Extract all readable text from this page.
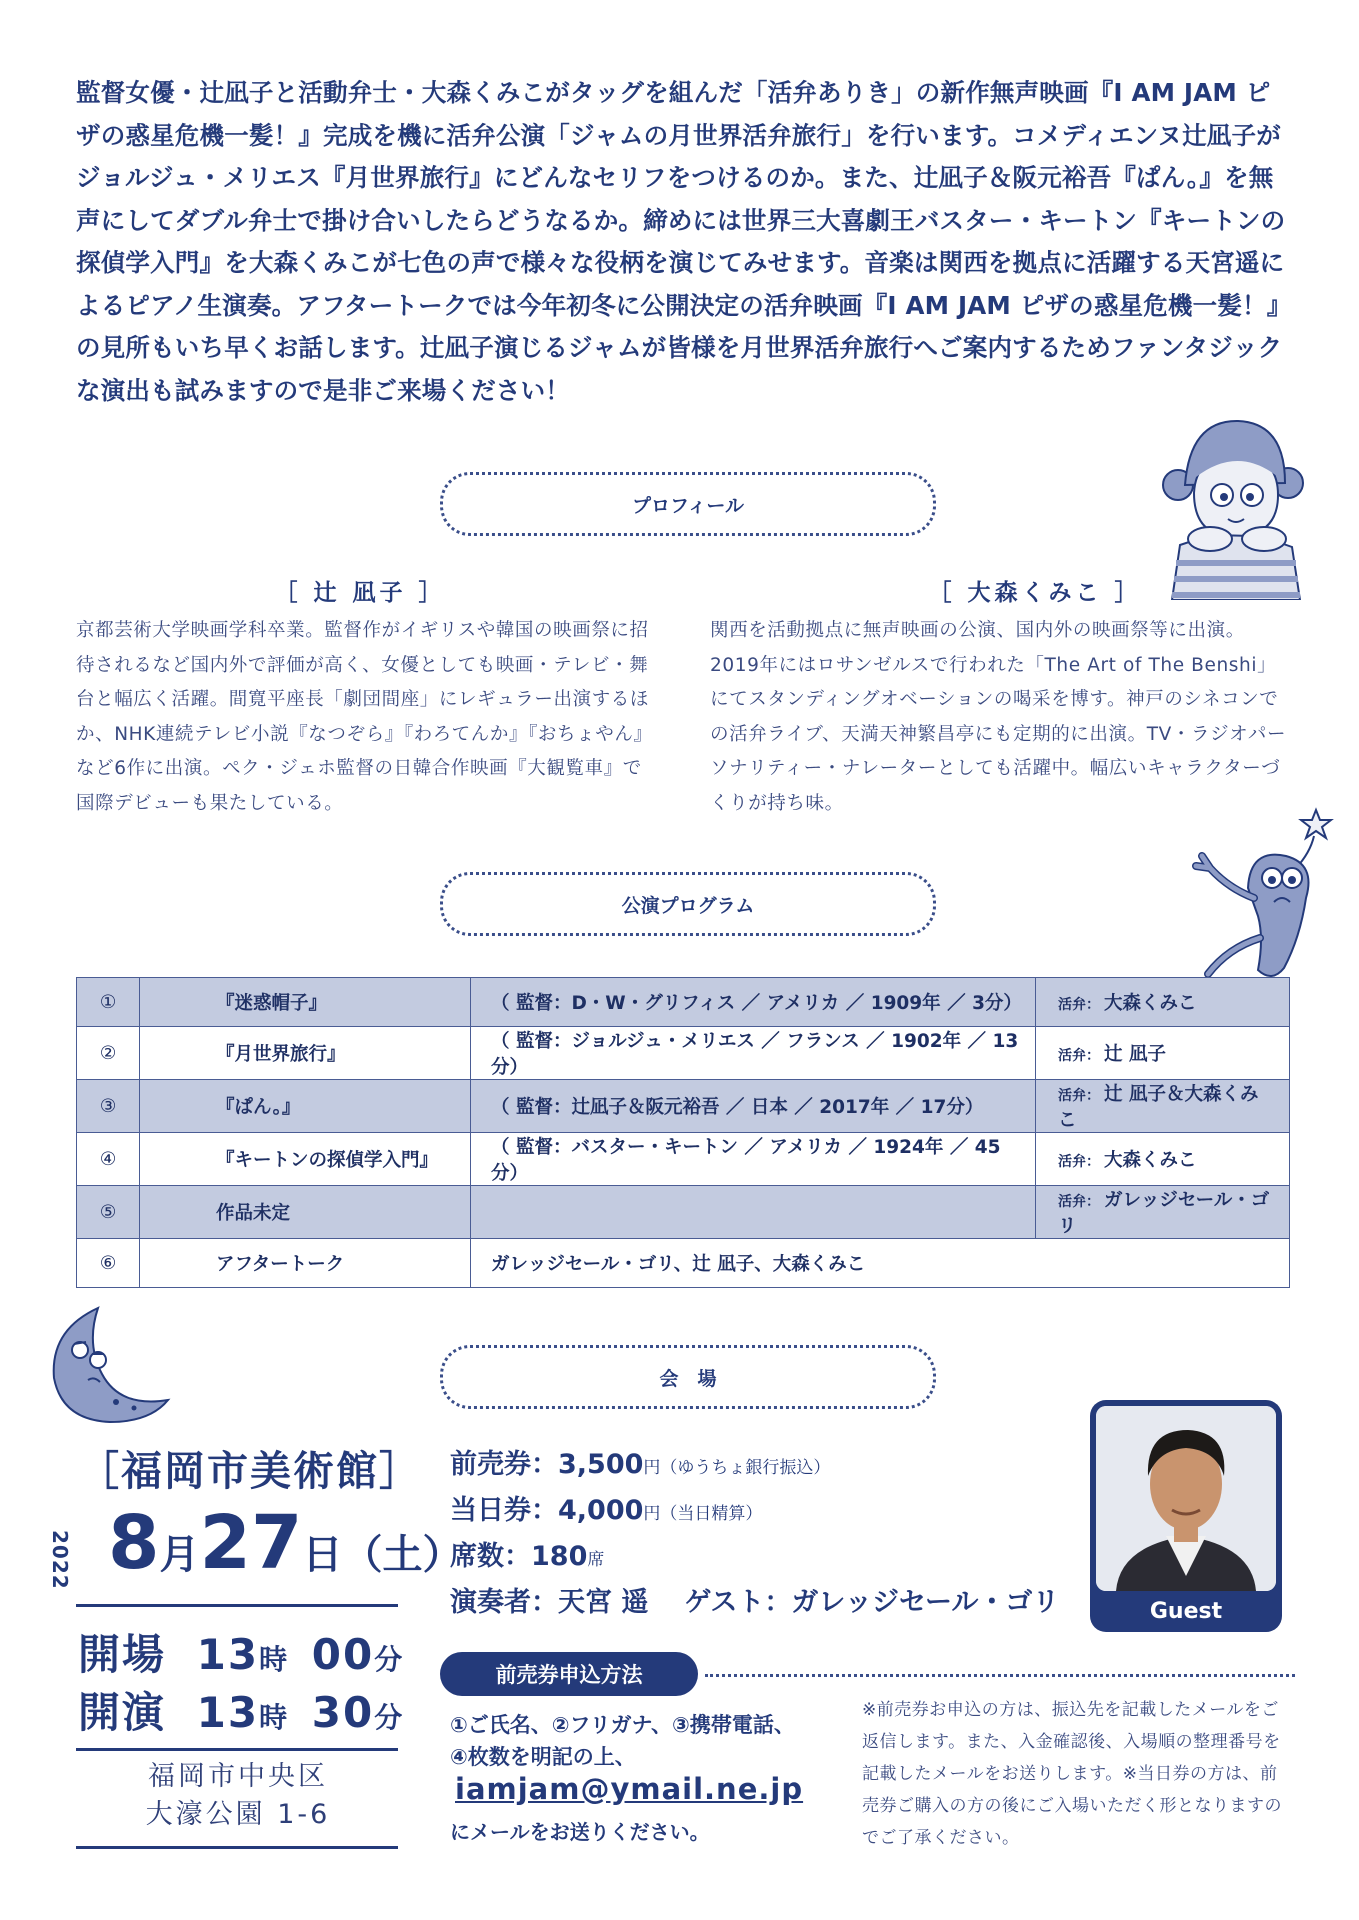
監督女優・辻凪子と活動弁士・大森くみこがタッグを組んだ「活弁ありき」の新作無声映画『I AM JAM ピザの惑星危機一髪！』完成を機に活弁公演「ジャムの月世界活弁旅行」を行います。コメディエンヌ辻凪子がジョルジュ・メリエス『月世界旅行』にどんなセリフをつけるのか。また、辻凪子＆阪元裕吾『ぱん。』を無声にしてダブル弁士で掛け合いしたらどうなるか。締めには世界三大喜劇王バスター・キートン『キートンの探偵学入門』を大森くみこが七色の声で様々な役柄を演じてみせます。音楽は関西を拠点に活躍する天宮遥によるピアノ生演奏。アフタートークでは今年初冬に公開決定の活弁映画『I AM JAM ピザの惑星危機一髪！』の見所もいち早くお話します。辻凪子演じるジャムが皆様を月世界活弁旅行へご案内するためファンタジックな演出も試みますので是非ご来場ください！
プロフィール
［ 辻 凪子 ］
京都芸術大学映画学科卒業。監督作がイギリスや韓国の映画祭に招待されるなど国内外で評価が高く、女優としても映画・テレビ・舞台と幅広く活躍。間寛平座長「劇団間座」にレギュラー出演するほか、NHK連続テレビ小説『なつぞら』『わろてんか』『おちょやん』など6作に出演。ペク・ジェホ監督の日韓合作映画『大観覧車』で国際デビューも果たしている。
［ 大森くみこ ］
関西を活動拠点に無声映画の公演、国内外の映画祭等に出演。2019年にはロサンゼルスで行われた「The Art of The Benshi」にてスタンディングオベーションの喝采を博す。神戸のシネコンでの活弁ライブ、天満天神繁昌亭にも定期的に出演。TV・ラジオパーソナリティー・ナレーターとしても活躍中。幅広いキャラクターづくりが持ち味。
公演プログラム
①	『迷惑帽子』	（ 監督：D・W・グリフィス ／ アメリカ ／ 1909年 ／ 3分）	活弁： 大森くみこ
②	『月世界旅行』	（ 監督：ジョルジュ・メリエス ／ フランス ／ 1902年 ／ 13分）	活弁： 辻 凪子
③	『ぱん。』	（ 監督：辻凪子＆阪元裕吾 ／ 日本 ／ 2017年 ／ 17分）	活弁： 辻 凪子＆大森くみこ
④	『キートンの探偵学入門』	（ 監督：バスター・キートン ／ アメリカ ／ 1924年 ／ 45分）	活弁： 大森くみこ
⑤	作品未定		活弁： ガレッジセール・ゴリ
⑥	アフタートーク	ガレッジセール・ゴリ、辻 凪子、大森くみこ	
会　場
［福岡市美術館］
2022 8月27日（土）
開場 13時 00分
開演 13時 30分
福岡市中央区
大濠公園 1-6
前売券：3,500円（ゆうちょ銀行振込）
当日券：4,000円（当日精算）
席数：180席
演奏者：天宮 遥 ゲスト：ガレッジセール・ゴリ	Guest
前売券申込方法
①ご氏名、②フリガナ、③携帯電話、
④枚数を明記の上、
iamjam@ymail.ne.jp
にメールをお送りください。
※前売券お申込の方は、振込先を記載したメールをご返信します。また、入金確認後、入場順の整理番号を記載したメールをお送りします。※当日券の方は、前売券ご購入の方の後にご入場いただく形となりますのでご了承ください。
